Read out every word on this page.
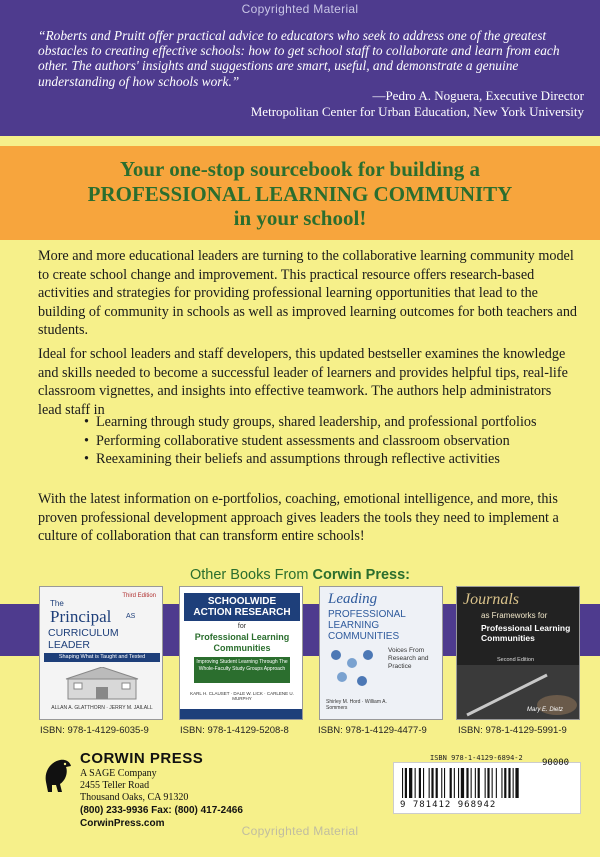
Copyrighted Material

“Roberts and Pruitt offer practical advice to educators who seek to address one of the greatest obstacles to creating effective schools: how to get school staff to collaborate and learn from each other. The authors' insights and suggestions are smart, useful, and demonstrate a genuine understanding of how schools work.”

—Pedro A. Noguera, Executive Director
Metropolitan Center for Urban Education, New York University
Your one-stop sourcebook for building a
PROFESSIONAL LEARNING COMMUNITY
in your school!

More and more educational leaders are turning to the collaborative learning community model to create school change and improvement. This practical resource offers research-based activities and strategies for providing professional learning opportunities that lead to the building of community in schools as well as improved learning outcomes for both teachers and students.

Ideal for school leaders and staff developers, this updated bestseller examines the knowledge and skills needed to become a successful leader of learners and provides helpful tips, real-life classroom vignettes, and insights into effective teamwork. The authors help administrators lead staff in

• Learning through study groups, shared leadership, and professional portfolios
• Performing collaborative student assessments and classroom observation
• Reexamining their beliefs and assumptions through reflective activities

With the latest information on e-portfolios, coaching, emotional intelligence, and more, this proven professional development approach gives leaders the tools they need to implement a culture of collaboration that can transform entire schools!

Other Books From Corwin Press:
Third Edition
The
Principal AS
CURRICULUM LEADER
Shaping What is Taught and Tested
ALLAN A. GLATTHORN · JERRY M. JAILALL
SCHOOLWIDE
ACTION RESEARCH
for
Professional Learning Communities
Improving Student Learning Through The Whole-Faculty Study Groups Approach
KARL H. CLAUSET · DALE W. LICK · CARLENE U. MURPHY
Leading
PROFESSIONAL LEARNING COMMUNITIES
Voices From Research and Practice
Shirley M. Hord · William A. Sommers
Journals
as Frameworks for
Professional Learning Communities
Second Edition
Mary E. Dietz
ISBN: 978-1-4129-6035-9	ISBN: 978-1-4129-5208-8	ISBN: 978-1-4129-4477-9	ISBN: 978-1-4129-5991-9
CORWIN PRESS
A SAGE Company
2455 Teller Road
Thousand Oaks, CA 91320
(800) 233-9936 Fax: (800) 417-2466
CorwinPress.com
ISBN 978-1-4129-6894-2 90000
9 781412 968942
Copyrighted Material
